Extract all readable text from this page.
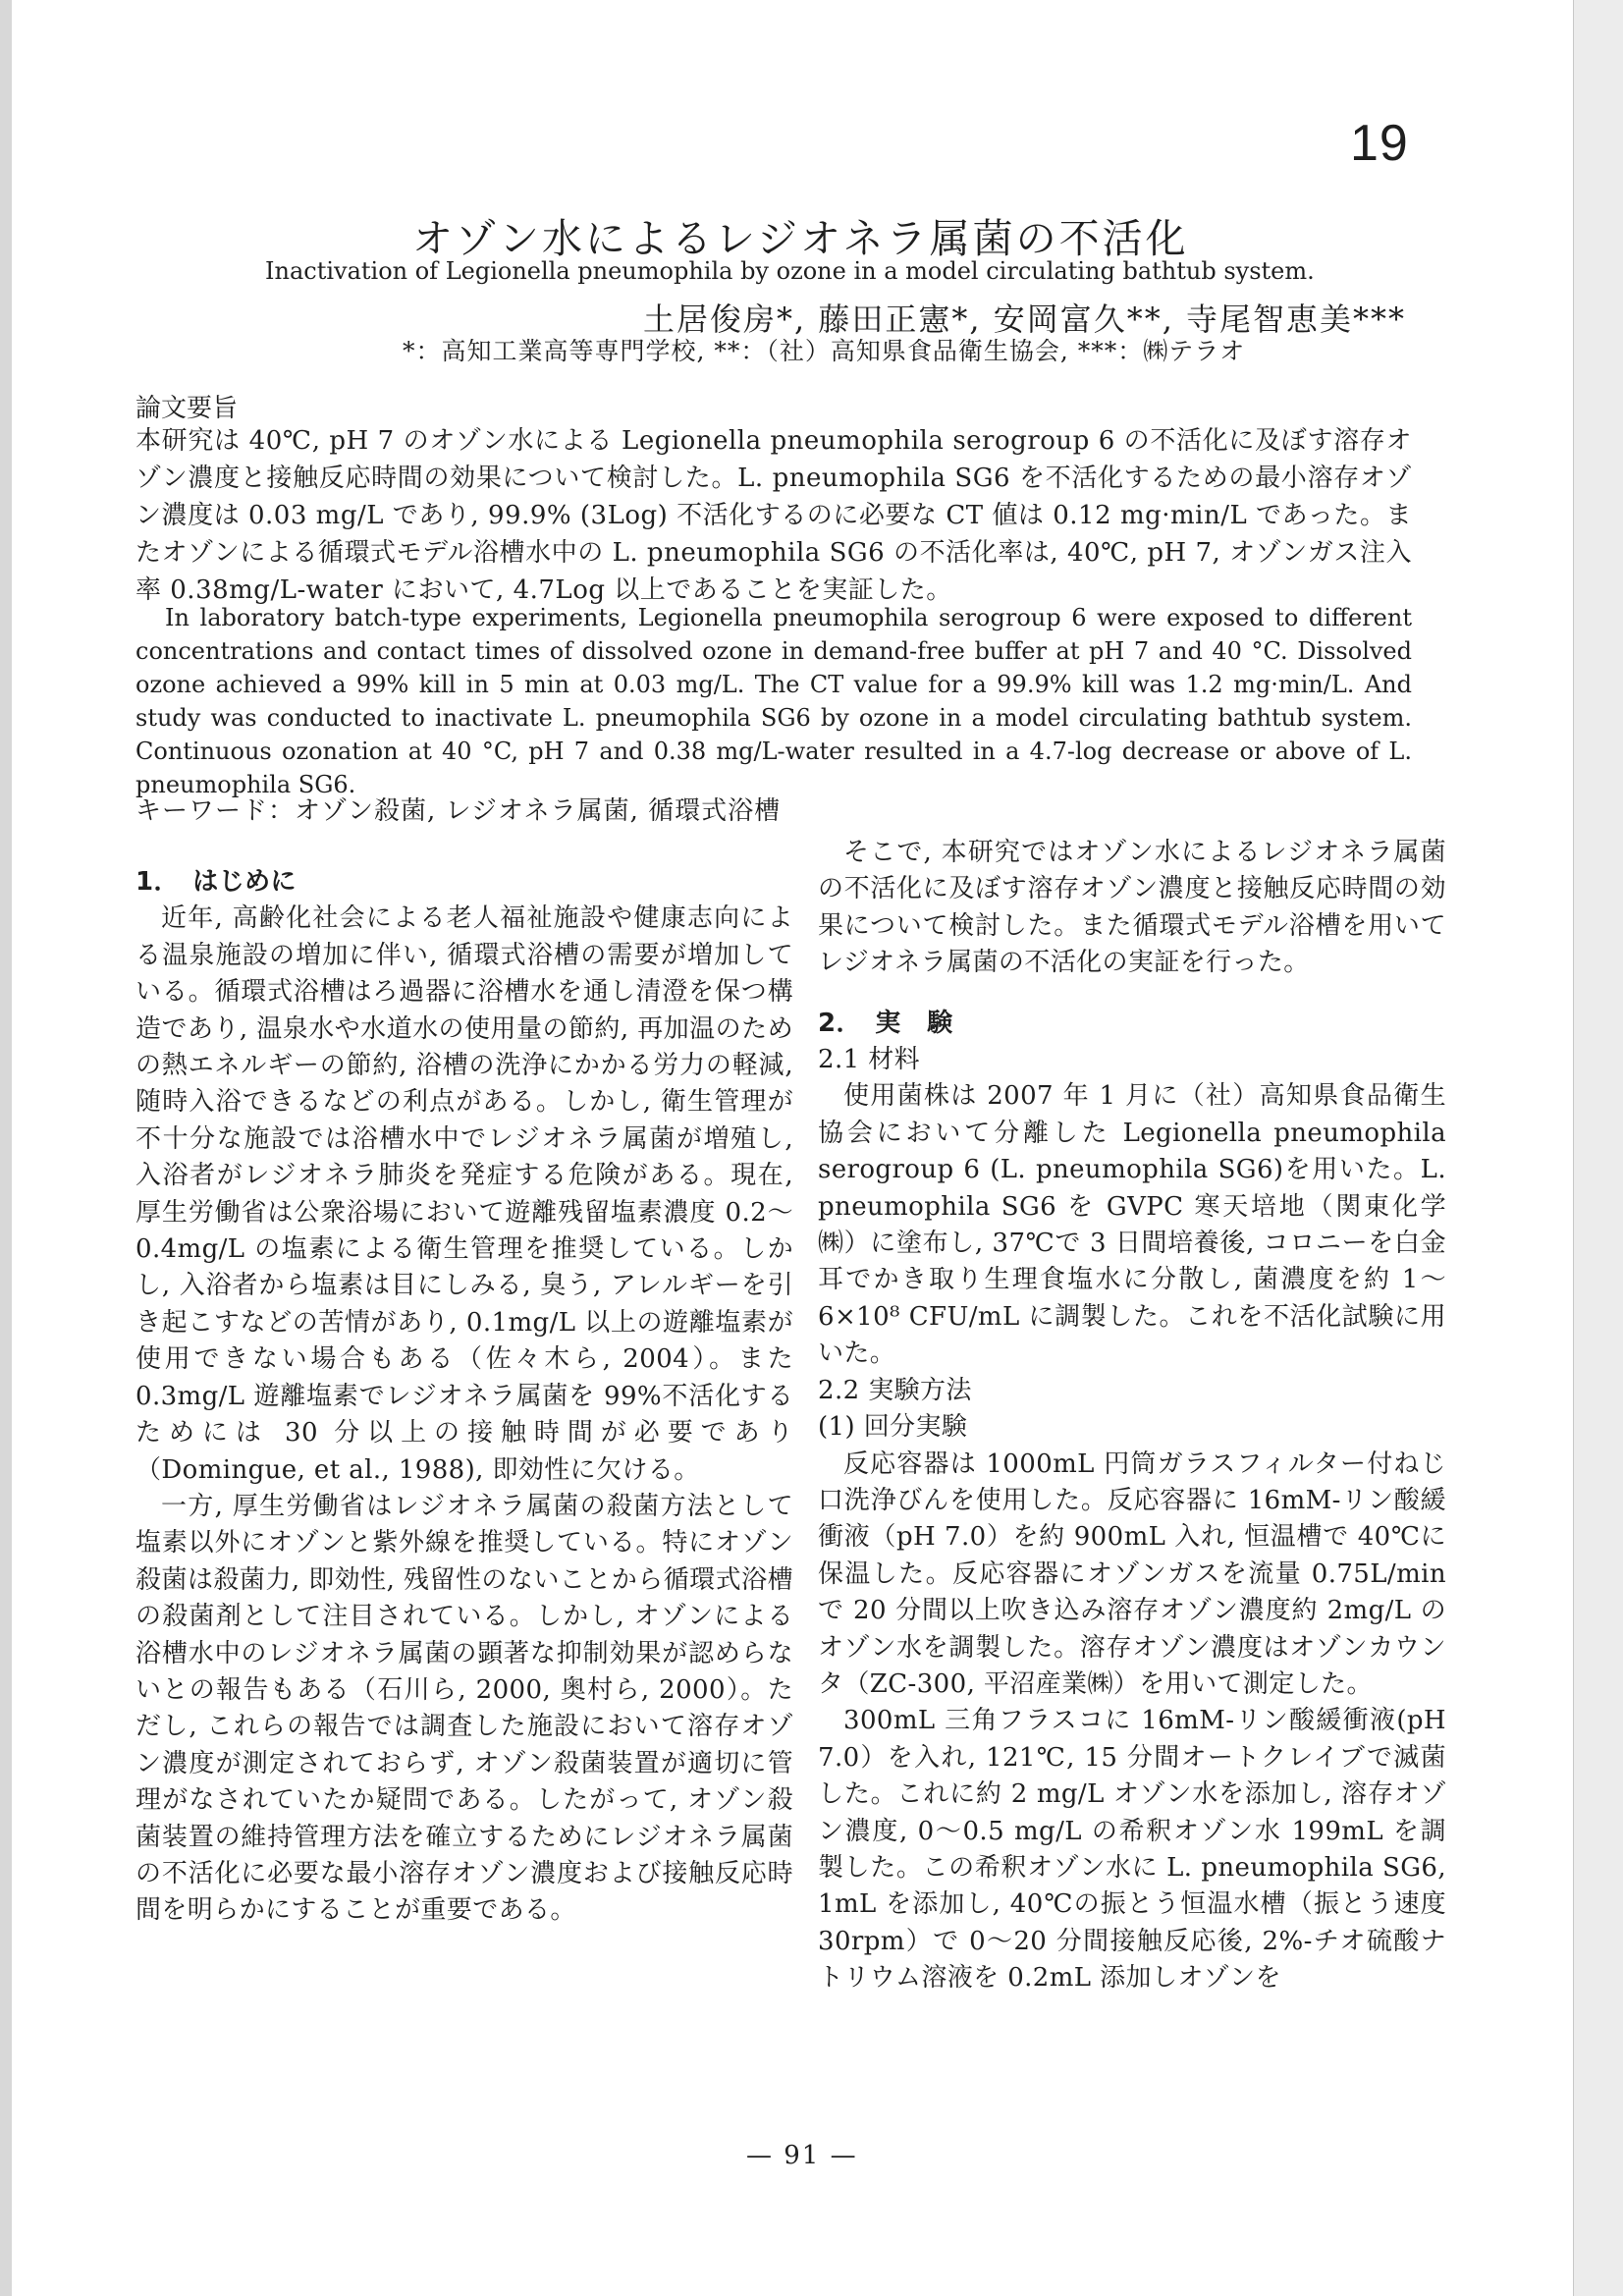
19
オゾン水によるレジオネラ属菌の不活化
Inactivation of Legionella pneumophila by ozone in a model circulating bathtub system.
土居俊房*, 藤田正憲*, 安岡富久**, 寺尾智恵美***
*：高知工業高等専門学校, **：（社）高知県食品衛生協会, ***：㈱テラオ
論文要旨

本研究は 40℃, pH 7 のオゾン水による Legionella pneumophila serogroup 6 の不活化に及ぼす溶存オゾン濃度と接触反応時間の効果について検討した。L. pneumophila SG6 を不活化するための最小溶存オゾン濃度は 0.03 mg/L であり, 99.9% (3Log) 不活化するのに必要な CT 値は 0.12 mg·min/L であった。またオゾンによる循環式モデル浴槽水中の L. pneumophila SG6 の不活化率は, 40℃, pH 7, オゾンガス注入率 0.38mg/L-water において, 4.7Log 以上であることを実証した。

In laboratory batch-type experiments, Legionella pneumophila serogroup 6 were exposed to different concentrations and contact times of dissolved ozone in demand-free buffer at pH 7 and 40 °C. Dissolved ozone achieved a 99% kill in 5 min at 0.03 mg/L. The CT value for a 99.9% kill was 1.2 mg·min/L. And study was conducted to inactivate L. pneumophila SG6 by ozone in a model circulating bathtub system. Continuous ozonation at 40 °C, pH 7 and 0.38 mg/L-water resulted in a 4.7-log decrease or above of L. pneumophila SG6.

キーワード：オゾン殺菌, レジオネラ属菌, 循環式浴槽

1．　はじめに

近年, 高齢化社会による老人福祉施設や健康志向による温泉施設の増加に伴い, 循環式浴槽の需要が増加している。循環式浴槽はろ過器に浴槽水を通し清澄を保つ構造であり, 温泉水や水道水の使用量の節約, 再加温のための熱エネルギーの節約, 浴槽の洗浄にかかる労力の軽減, 随時入浴できるなどの利点がある。しかし, 衛生管理が不十分な施設では浴槽水中でレジオネラ属菌が増殖し, 入浴者がレジオネラ肺炎を発症する危険がある。現在, 厚生労働省は公衆浴場において遊離残留塩素濃度 0.2～0.4mg/L の塩素による衛生管理を推奨している。しかし, 入浴者から塩素は目にしみる, 臭う, アレルギーを引き起こすなどの苦情があり, 0.1mg/L 以上の遊離塩素が使用できない場合もある（佐々木ら, 2004）。また 0.3mg/L 遊離塩素でレジオネラ属菌を 99%不活化するためには 30 分以上の接触時間が必要であり（Domingue, et al., 1988), 即効性に欠ける。

一方, 厚生労働省はレジオネラ属菌の殺菌方法として塩素以外にオゾンと紫外線を推奨している。特にオゾン殺菌は殺菌力, 即効性, 残留性のないことから循環式浴槽の殺菌剤として注目されている。しかし, オゾンによる浴槽水中のレジオネラ属菌の顕著な抑制効果が認めらないとの報告もある（石川ら, 2000, 奥村ら, 2000）。ただし, これらの報告では調査した施設において溶存オゾン濃度が測定されておらず, オゾン殺菌装置が適切に管理がなされていたか疑問である。したがって, オゾン殺菌装置の維持管理方法を確立するためにレジオネラ属菌の不活化に必要な最小溶存オゾン濃度および接触反応時間を明らかにすることが重要である。

そこで, 本研究ではオゾン水によるレジオネラ属菌の不活化に及ぼす溶存オゾン濃度と接触反応時間の効果について検討した。また循環式モデル浴槽を用いてレジオネラ属菌の不活化の実証を行った。

2．　実　験

2.1 材料

使用菌株は 2007 年 1 月に（社）高知県食品衛生協会において分離した Legionella pneumophila serogroup 6 (L. pneumophila SG6)を用いた。L. pneumophila SG6 を GVPC 寒天培地（関東化学㈱）に塗布し, 37℃で 3 日間培養後, コロニーを白金耳でかき取り生理食塩水に分散し, 菌濃度を約 1～6×10⁸ CFU/mL に調製した。これを不活化試験に用いた。

2.2 実験方法

(1) 回分実験

反応容器は 1000mL 円筒ガラスフィルター付ねじ口洗浄びんを使用した。反応容器に 16mM-リン酸緩衝液（pH 7.0）を約 900mL 入れ, 恒温槽で 40℃に保温した。反応容器にオゾンガスを流量 0.75L/min で 20 分間以上吹き込み溶存オゾン濃度約 2mg/L のオゾン水を調製した。溶存オゾン濃度はオゾンカウンタ（ZC-300, 平沼産業㈱）を用いて測定した。

300mL 三角フラスコに 16mM-リン酸緩衝液(pH 7.0）を入れ, 121℃, 15 分間オートクレイブで滅菌した。これに約 2 mg/L オゾン水を添加し, 溶存オゾン濃度, 0～0.5 mg/L の希釈オゾン水 199mL を調製した。この希釈オゾン水に L. pneumophila SG6, 1mL を添加し, 40℃の振とう恒温水槽（振とう速度 30rpm）で 0～20 分間接触反応後, 2%-チオ硫酸ナトリウム溶液を 0.2mL 添加しオゾンを

— 91 —
